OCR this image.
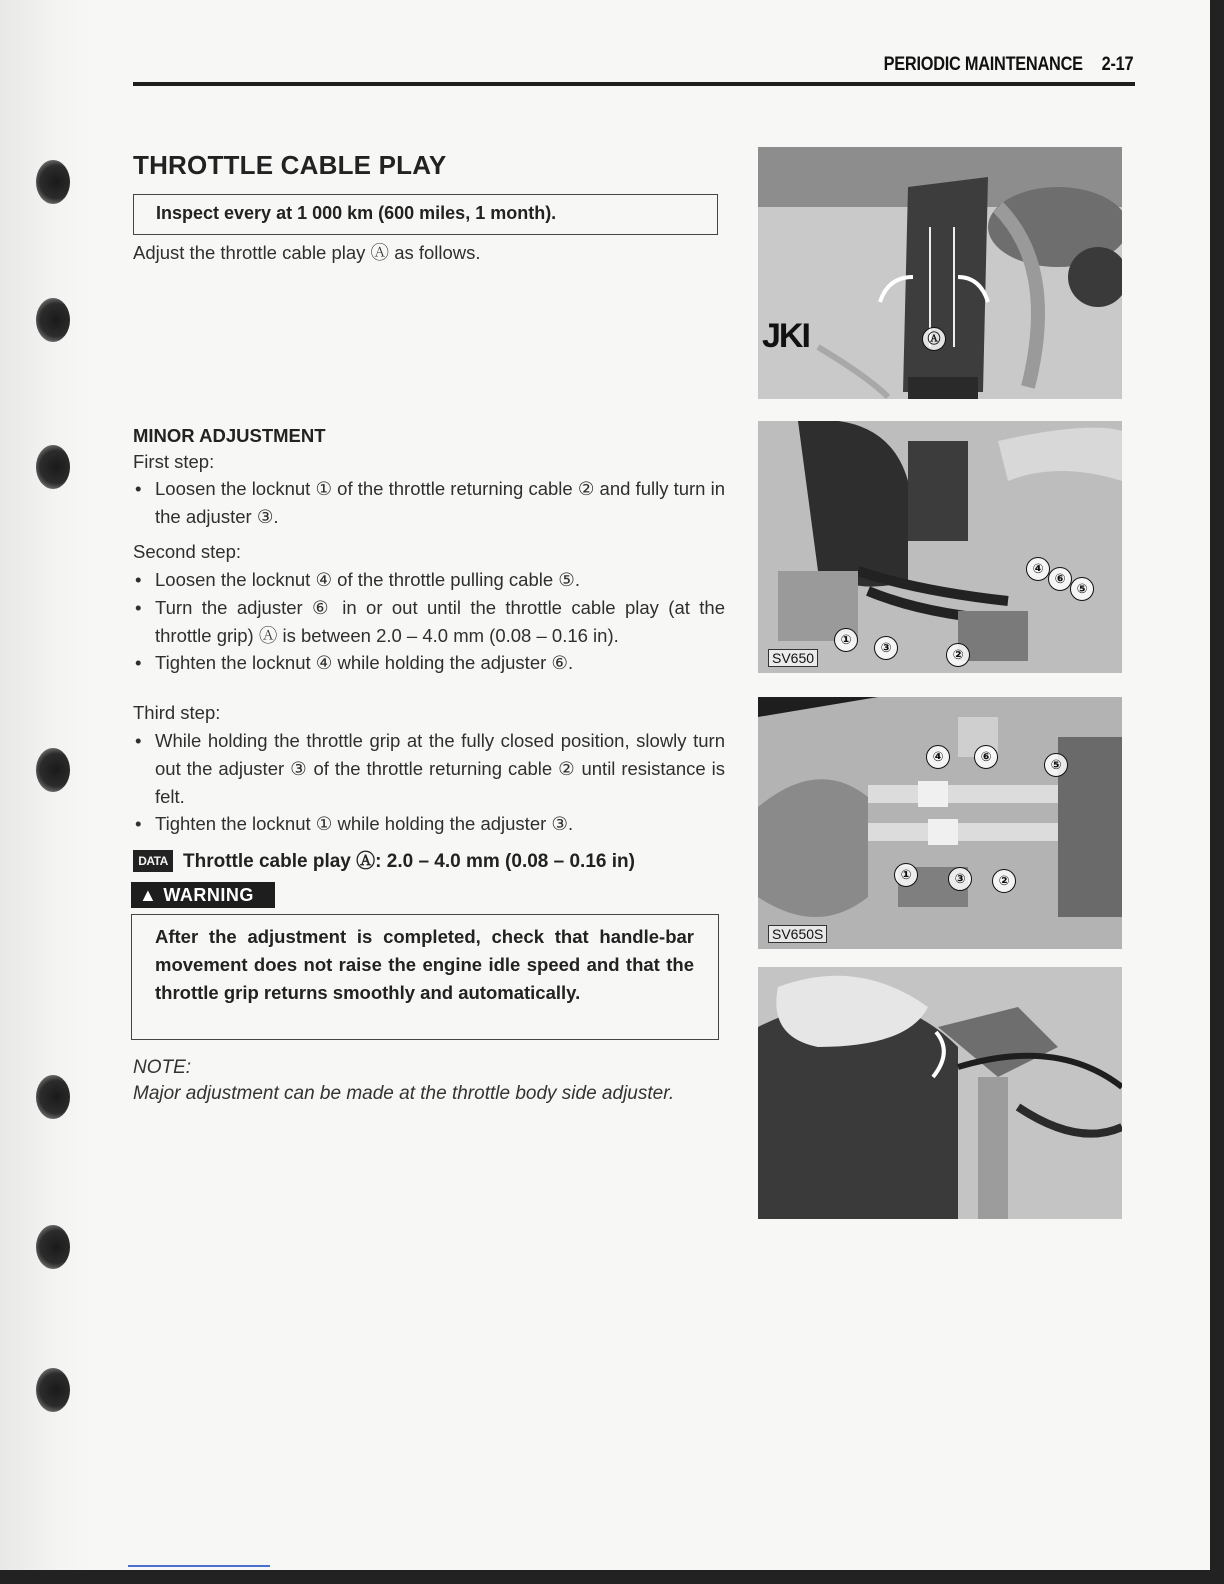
PERIODIC MAINTENANCE 2-17
THROTTLE CABLE PLAY
Inspect every at 1 000 km (600 miles, 1 month).
Adjust the throttle cable play Ⓐ as follows.
MINOR ADJUSTMENT
First step:
• Loosen the locknut ① of the throttle returning cable ② and fully turn in the adjuster ③.
Second step:
• Loosen the locknut ④ of the throttle pulling cable ⑤.
• Turn the adjuster ⑥ in or out until the throttle cable play (at the throttle grip) Ⓐ is between 2.0 – 4.0 mm (0.08 – 0.16 in).
• Tighten the locknut ④ while holding the adjuster ⑥.
Third step:
• While holding the throttle grip at the fully closed position, slowly turn out the adjuster ③ of the throttle returning cable ② until resistance is felt.
• Tighten the locknut ① while holding the adjuster ③.
DATA Throttle cable play Ⓐ: 2.0 – 4.0 mm (0.08 – 0.16 in)
▲ WARNING
After the adjustment is completed, check that handle-bar movement does not raise the engine idle speed and that the throttle grip returns smoothly and automatically.
NOTE:
Major adjustment can be made at the throttle body side adjuster.
JKI	Ⓐ
①
③	②
④
⑥
⑤
SV650
④	⑥
⑤
①	③	②
SV650S
